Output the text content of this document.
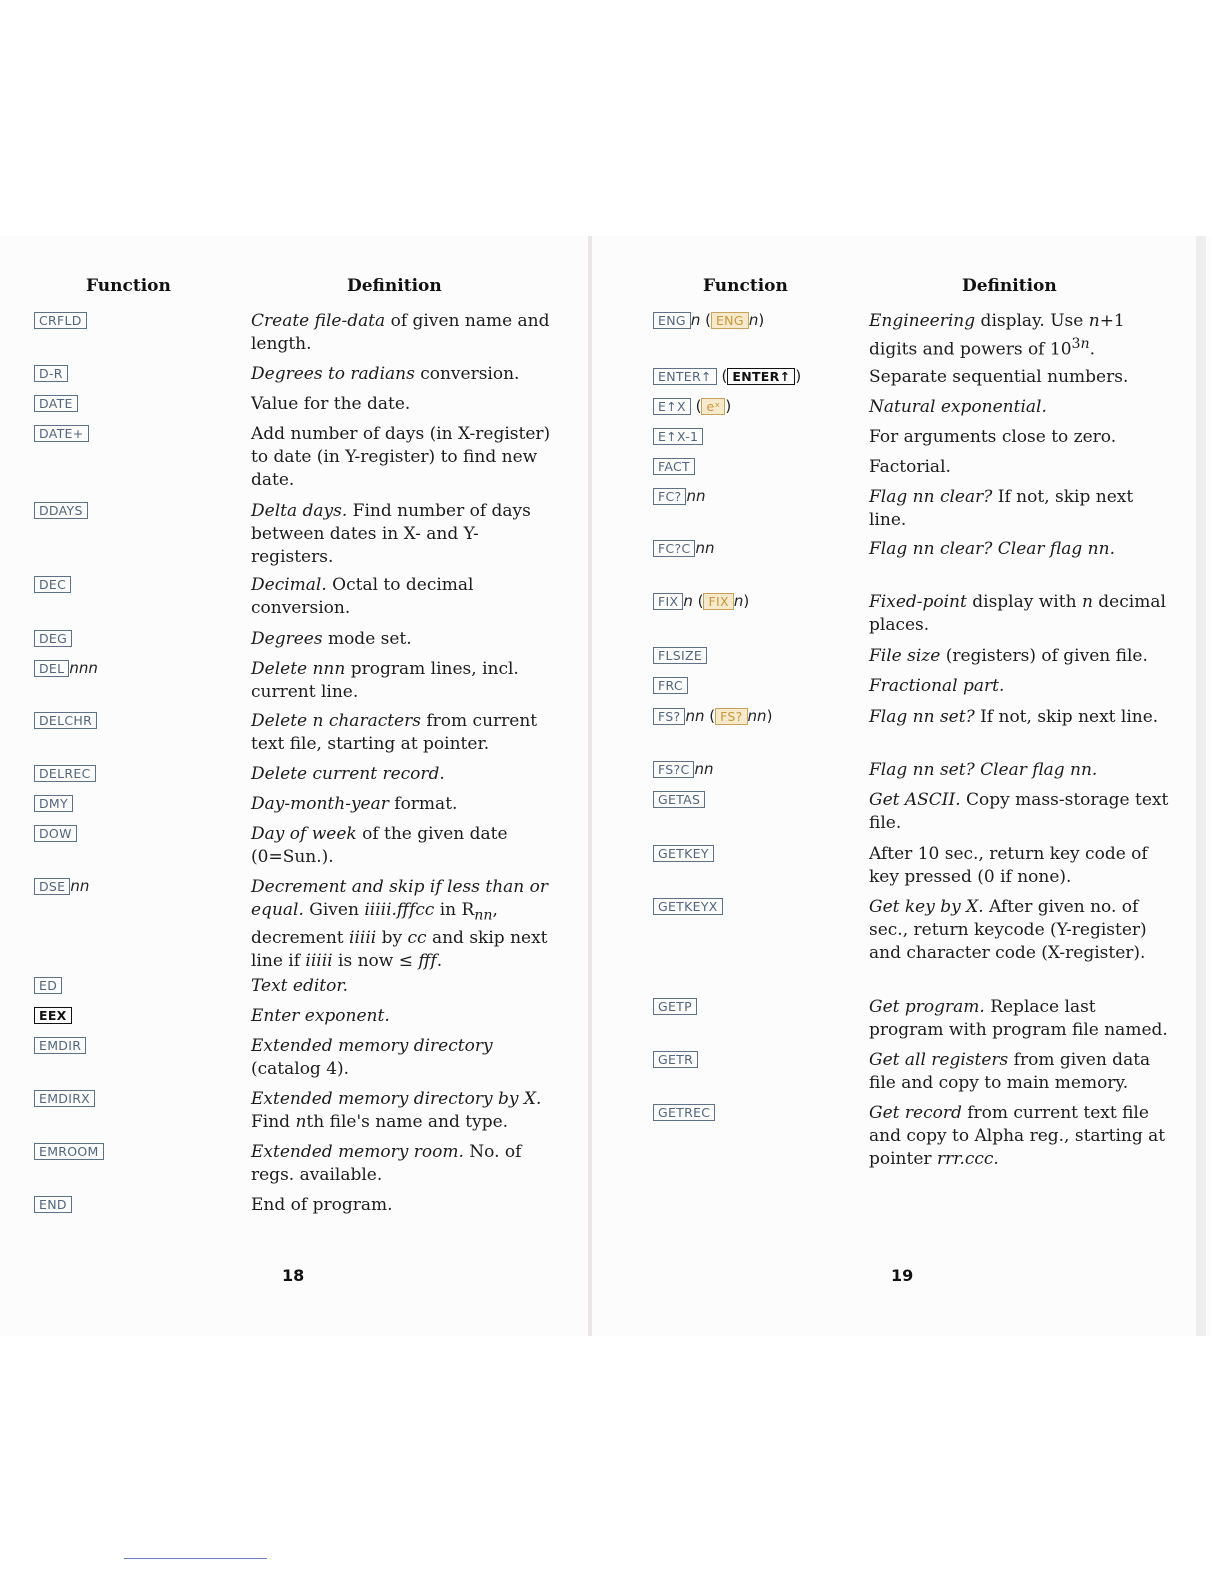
Function	Definition
18
CRFLD	Create file-data of given name and length.
D-R	Degrees to radians conversion.
DATE	Value for the date.
DATE+	Add number of days (in X-register) to date (in Y-register) to find new date.
DDAYS	Delta days. Find number of days between dates in X- and Y-registers.
DEC	Decimal. Octal to decimal conversion.
DEG	Degrees mode set.
DEL nnn	Delete nnn program lines, incl. current line.
DELCHR	Delete n characters from current text file, starting at pointer.
DELREC	Delete current record.
DMY	Day-month-year format.
DOW	Day of week of the given date (0=Sun.).
DSE nn	Decrement and skip if less than or equal. Given iiiii.fffcc in $R_{nn}$, decrement iiiii by cc and skip next line if iiiii is now ≤ fff.
ED	Text editor.
EEX	Enter exponent.
EMDIR	Extended memory directory (catalog 4).
EMDIRX	Extended memory directory by X. Find nth file's name and type.
EMROOM	Extended memory room. No. of regs. available.
END	End of program.
Function	Definition
19
ENG n ( ENG n)	Engineering display. Use n+1 digits and powers of $10^{3n}$.
ENTER↑ ( ENTER↑ )	Separate sequential numbers.
E↑X ( eˣ )	Natural exponential.
E↑X-1	For arguments close to zero.
FACT	Factorial.
FC? nn	Flag nn clear? If not, skip next line.
FC?C nn	Flag nn clear? Clear flag nn.
FIX n ( FIX n)	Fixed-point display with n decimal places.
FLSIZE	File size (registers) of given file.
FRC	Fractional part.
FS? nn ( FS? nn)	Flag nn set? If not, skip next line.
FS?C nn	Flag nn set? Clear flag nn.
GETAS	Get ASCII. Copy mass-storage text file.
GETKEY	After 10 sec., return key code of key pressed (0 if none).
GETKEYX	Get key by X. After given no. of sec., return keycode (Y-register) and character code (X-register).
GETP	Get program. Replace last program with program file named.
GETR	Get all registers from given data file and copy to main memory.
GETREC	Get record from current text file and copy to Alpha reg., starting at pointer rrr.ccc.
